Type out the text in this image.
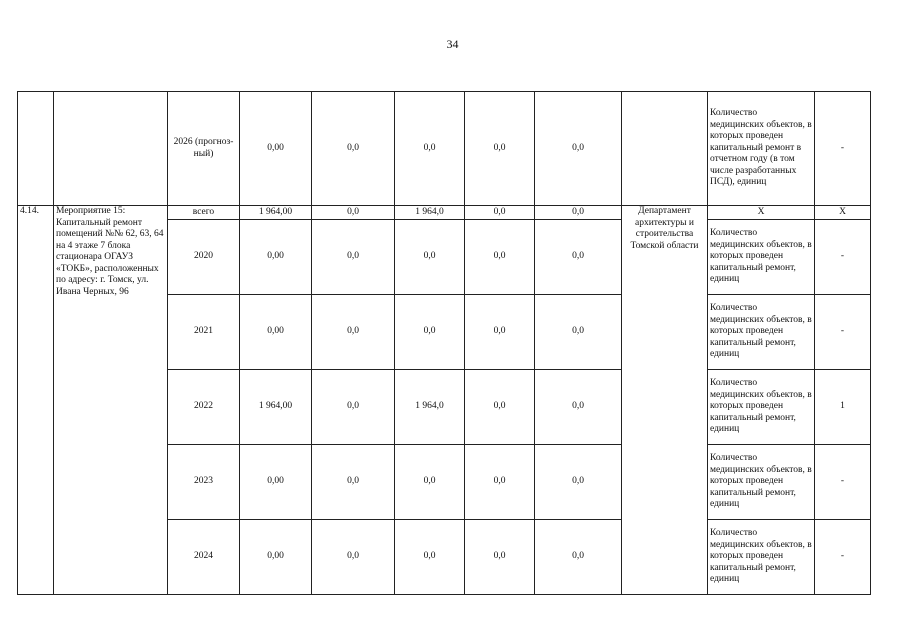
34
		2026 (прогноз-ный)	0,00	0,0	0,0	0,0	0,0		Количество медицинских объектов, в которых проведен капитальный ремонт в отчетном году (в том числе разработанных ПСД), единиц	-
4.14.	Мероприятие 15: Капитальный ремонт помещений №№ 62, 63, 64 на 4 этаже 7 блока стационара ОГАУЗ «ТОКБ», расположенных по адресу: г. Томск, ул. Ивана Черных, 96	всего	1 964,00	0,0	1 964,0	0,0	0,0	Департамент архитектуры и строительства Томской области	X	X
		2020	0,00	0,0	0,0	0,0	0,0		Количество медицинских объектов, в которых проведен капитальный ремонт, единиц	-
		2021	0,00	0,0	0,0	0,0	0,0		Количество медицинских объектов, в которых проведен капитальный ремонт, единиц	-
		2022	1 964,00	0,0	1 964,0	0,0	0,0		Количество медицинских объектов, в которых проведен капитальный ремонт, единиц	1
		2023	0,00	0,0	0,0	0,0	0,0		Количество медицинских объектов, в которых проведен капитальный ремонт, единиц	-
		2024	0,00	0,0	0,0	0,0	0,0		Количество медицинских объектов, в которых проведен капитальный ремонт, единиц	-
